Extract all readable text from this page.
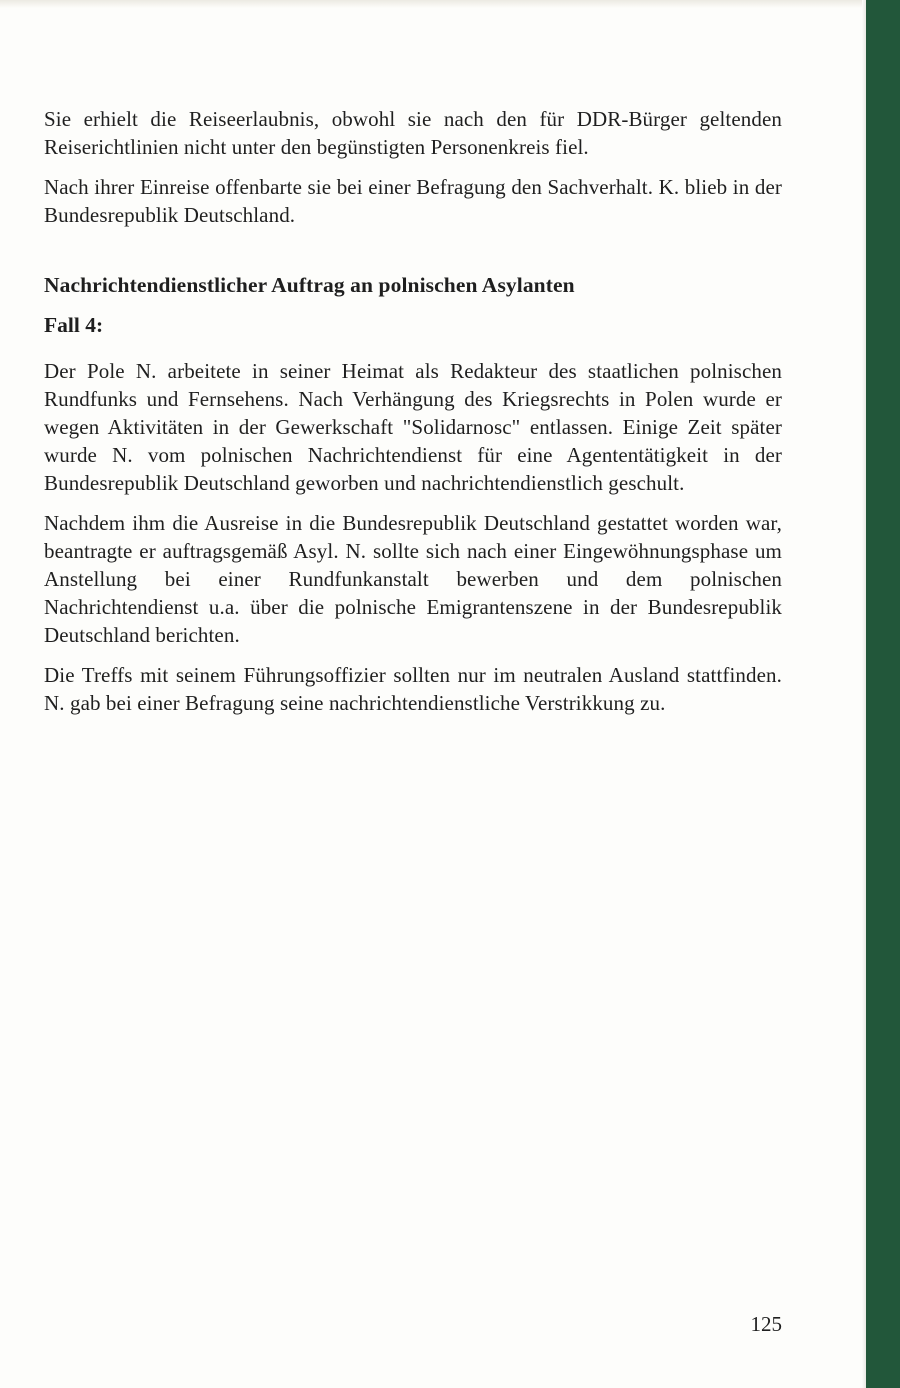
Sie erhielt die Reiseerlaubnis, obwohl sie nach den für DDR-Bürger geltenden Reiserichtlinien nicht unter den begünstigten Personenkreis fiel.

Nach ihrer Einreise offenbarte sie bei einer Befragung den Sachverhalt. K. blieb in der Bundesrepublik Deutschland.

Nachrichtendienstlicher Auftrag an polnischen Asylanten
Fall 4:

Der Pole N. arbeitete in seiner Heimat als Redakteur des staatlichen polnischen Rundfunks und Fernsehens. Nach Verhängung des Kriegsrechts in Polen wurde er wegen Aktivitäten in der Gewerkschaft "Solidarnosc" entlassen. Einige Zeit später wurde N. vom polnischen Nachrichtendienst für eine Agententätigkeit in der Bundesrepublik Deutschland geworben und nachrichtendienstlich geschult.

Nachdem ihm die Ausreise in die Bundesrepublik Deutschland gestattet worden war, beantragte er auftragsgemäß Asyl. N. sollte sich nach einer Eingewöhnungsphase um Anstellung bei einer Rundfunkanstalt bewerben und dem polnischen Nachrichtendienst u.a. über die polnische Emigrantenszene in der Bundesrepublik Deutschland berichten.

Die Treffs mit seinem Führungsoffizier sollten nur im neutralen Ausland stattfinden. N. gab bei einer Befragung seine nachrichtendienstliche Verstrikkung zu.

125
